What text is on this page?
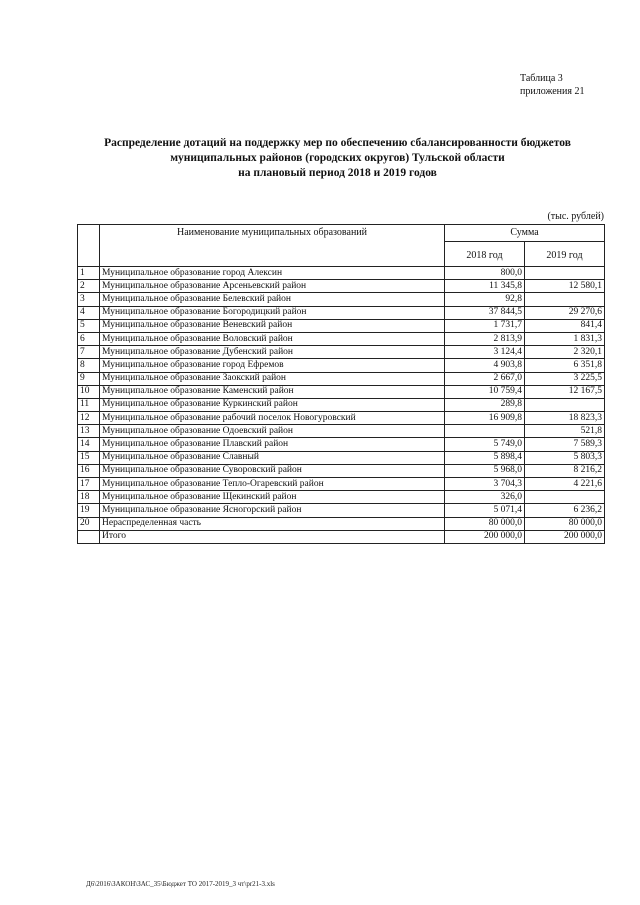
Таблица 3
приложения 21
Распределение дотаций на поддержку мер по обеспечению сбалансированности бюджетов
муниципальных районов (городских округов) Тульской области
на плановый период 2018 и 2019 годов
(тыс. рублей)
	Наименование муниципальных образований	Сумма	
		2018 год	2019 год
1	Муниципальное образование город Алексин	800,0	
2	Муниципальное образование Арсеньевский район	11 345,8	12 580,1
3	Муниципальное образование Белевский район	92,8	
4	Муниципальное образование Богородицкий район	37 844,5	29 270,6
5	Муниципальное образование Веневский район	1 731,7	841,4
6	Муниципальное образование Воловский район	2 813,9	1 831,3
7	Муниципальное образование Дубенский район	3 124,4	2 320,1
8	Муниципальное образование город Ефремов	4 903,8	6 351,8
9	Муниципальное образование Заокский район	2 667,0	3 225,5
10	Муниципальное образование Каменский район	10 759,4	12 167,5
11	Муниципальное образование Куркинский район	289,8	
12	Муниципальное образование рабочий поселок Новогуровский	16 909,8	18 823,3
13	Муниципальное образование Одоевский район		521,8
14	Муниципальное образование Плавский район	5 749,0	7 589,3
15	Муниципальное образование Славный	5 898,4	5 803,3
16	Муниципальное образование Суворовский район	5 968,0	8 216,2
17	Муниципальное образование Тепло-Огаревский район	3 704,3	4 221,6
18	Муниципальное образование Щекинский район	326,0	
19	Муниципальное образование Ясногорский район	5 071,4	6 236,2
20	Нераспределенная часть	80 000,0	80 000,0
	Итого	200 000,0	200 000,0
Д6\2016\ЗАКОН\ЗАС_35\Бюджет ТО 2017-2019_3 чт\pr21-3.xls
